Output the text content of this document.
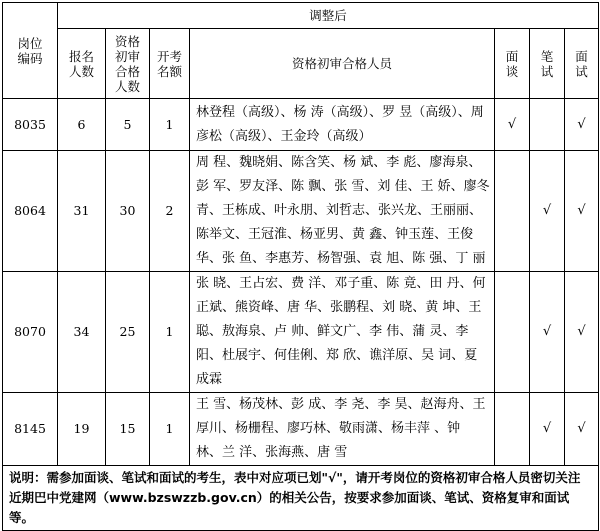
岗位编码	调整后						
	报名人数	资格初审合格人数	开考名额	资格初审合格人员	面谈	笔试	面试
8035	6	5	1	林登程（高级）、杨 涛（高级）、罗 昱（高级）、周彦松（高级）、王金玲（高级）	√		√
8064	31	30	2	周 程、魏晓娟、陈含笑、杨 斌、李 彪、廖海泉、彭 军、罗友泽、陈 飘、张 雪、刘 佳、王 娇、廖冬青、王栋成、叶永朋、刘哲志、张兴龙、王丽丽、陈举文、王冠淮、杨亚男、黄 鑫、钟玉莲、王俊华、张 鱼、李惠芳、杨智强、袁 旭、陈 强、丁 丽		√	√
8070	34	25	1	张 晓、王占宏、费 洋、邓子重、陈 竟、田 丹、何正斌、熊资峰、唐 华、张鹏程、刘 晓、黄 坤、王 聪、敖海泉、卢 帅、鲜文广、李 伟、蒲 灵、李 阳、杜展宇、何佳俐、郑 欣、谯洋原、吴 词、夏成霖		√	√
8145	19	15	1	王 雪、杨茂林、彭 成、李 尧、李 昊、赵海舟、王厚川、杨栅程、廖巧林、敬雨潇、杨丰萍 、钟 林、兰 洋、张海燕、唐 雪		√	√
说明：需参加面谈、笔试和面试的考生，表中对应项已划"√"，请开考岗位的资格初审合格人员密切关注近期巴中党建网（www.bzswzzb.gov.cn）的相关公告，按要求参加面谈、笔试、资格复审和面试等。							
